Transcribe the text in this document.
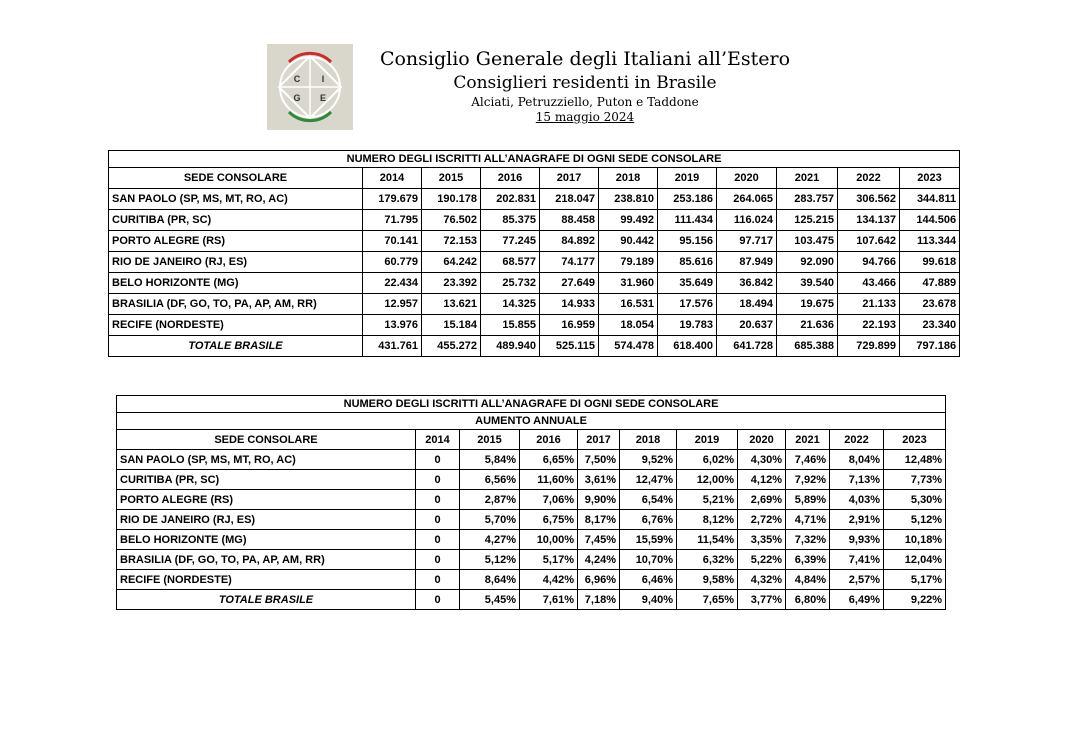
C I
G E
Consiglio Generale degli Italiani all’Estero
Consiglieri residenti in Brasile
Alciati, Petruzziello, Puton e Taddone
15 maggio 2024
NUMERO DEGLI ISCRITTI ALL’ANAGRAFE DI OGNI SEDE CONSOLARE										
SEDE CONSOLARE	2014	2015	2016	2017	2018	2019	2020	2021	2022	2023
SAN PAOLO (SP, MS, MT, RO, AC)	179.679	190.178	202.831	218.047	238.810	253.186	264.065	283.757	306.562	344.811
CURITIBA (PR, SC)	71.795	76.502	85.375	88.458	99.492	111.434	116.024	125.215	134.137	144.506
PORTO ALEGRE (RS)	70.141	72.153	77.245	84.892	90.442	95.156	97.717	103.475	107.642	113.344
RIO DE JANEIRO (RJ, ES)	60.779	64.242	68.577	74.177	79.189	85.616	87.949	92.090	94.766	99.618
BELO HORIZONTE (MG)	22.434	23.392	25.732	27.649	31.960	35.649	36.842	39.540	43.466	47.889
BRASILIA (DF, GO, TO, PA, AP, AM, RR)	12.957	13.621	14.325	14.933	16.531	17.576	18.494	19.675	21.133	23.678
RECIFE (NORDESTE)	13.976	15.184	15.855	16.959	18.054	19.783	20.637	21.636	22.193	23.340
TOTALE BRASILE	431.761	455.272	489.940	525.115	574.478	618.400	641.728	685.388	729.899	797.186
NUMERO DEGLI ISCRITTI ALL’ANAGRAFE DI OGNI SEDE CONSOLARE										
AUMENTO ANNUALE										
SEDE CONSOLARE	2014	2015	2016	2017	2018	2019	2020	2021	2022	2023
SAN PAOLO (SP, MS, MT, RO, AC)	0	5,84%	6,65%	7,50%	9,52%	6,02%	4,30%	7,46%	8,04%	12,48%
CURITIBA (PR, SC)	0	6,56%	11,60%	3,61%	12,47%	12,00%	4,12%	7,92%	7,13%	7,73%
PORTO ALEGRE (RS)	0	2,87%	7,06%	9,90%	6,54%	5,21%	2,69%	5,89%	4,03%	5,30%
RIO DE JANEIRO (RJ, ES)	0	5,70%	6,75%	8,17%	6,76%	8,12%	2,72%	4,71%	2,91%	5,12%
BELO HORIZONTE (MG)	0	4,27%	10,00%	7,45%	15,59%	11,54%	3,35%	7,32%	9,93%	10,18%
BRASILIA (DF, GO, TO, PA, AP, AM, RR)	0	5,12%	5,17%	4,24%	10,70%	6,32%	5,22%	6,39%	7,41%	12,04%
RECIFE (NORDESTE)	0	8,64%	4,42%	6,96%	6,46%	9,58%	4,32%	4,84%	2,57%	5,17%
TOTALE BRASILE	0	5,45%	7,61%	7,18%	9,40%	7,65%	3,77%	6,80%	6,49%	9,22%
